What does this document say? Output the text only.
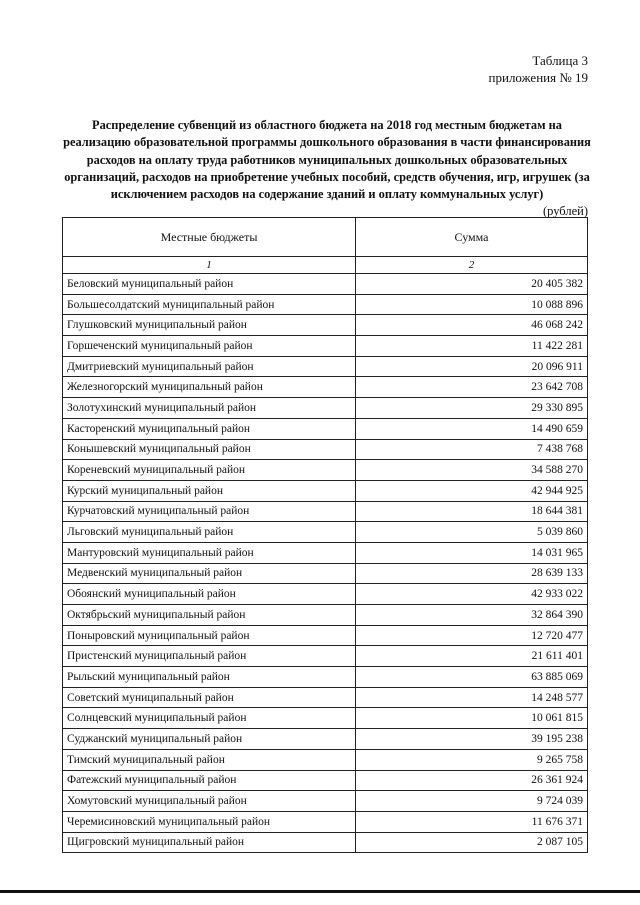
Таблица 3
приложения № 19
Распределение субвенций из областного бюджета на 2018 год местным бюджетам на реализацию образовательной программы дошкольного образования в части финансирования расходов на оплату труда работников муниципальных дошкольных образовательных организаций, расходов на приобретение учебных пособий, средств обучения, игр, игрушек (за исключением расходов на содержание зданий и оплату коммунальных услуг)
(рублей)
Местные бюджеты	Сумма
1	2
Беловский муниципальный район	20 405 382
Большесолдатский муниципальный район	10 088 896
Глушковский муниципальный район	46 068 242
Горшеченский муниципальный район	11 422 281
Дмитриевский муниципальный район	20 096 911
Железногорский муниципальный район	23 642 708
Золотухинский муниципальный район	29 330 895
Касторенский муниципальный район	14 490 659
Конышевский муниципальный район	7 438 768
Кореневский муниципальный район	34 588 270
Курский муниципальный район	42 944 925
Курчатовский муниципальный район	18 644 381
Льговский муниципальный район	5 039 860
Мантуровский муниципальный район	14 031 965
Медвенский муниципальный район	28 639 133
Обоянский муниципальный район	42 933 022
Октябрьский муниципальный район	32 864 390
Поныровский муниципальный район	12 720 477
Пристенский муниципальный район	21 611 401
Рыльский муниципальный район	63 885 069
Советский муниципальный район	14 248 577
Солнцевский муниципальный район	10 061 815
Суджанский муниципальный район	39 195 238
Тимский муниципальный район	9 265 758
Фатежский муниципальный район	26 361 924
Хомутовский муниципальный район	9 724 039
Черемисиновский муниципальный район	11 676 371
Щигровский муниципальный район	2 087 105
